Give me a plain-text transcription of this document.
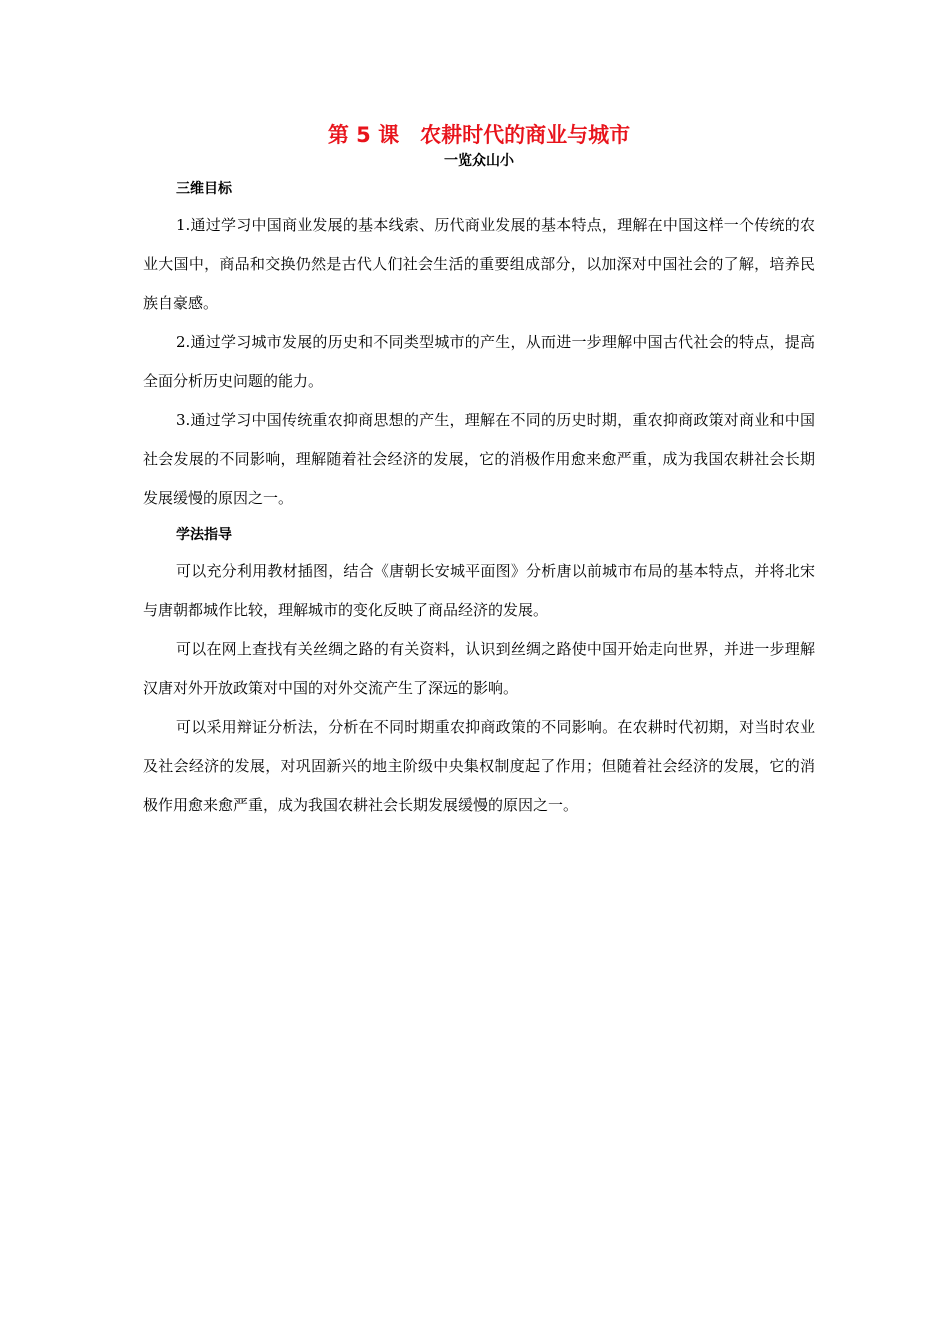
第 5 课　农耕时代的商业与城市
一览众山小
三维目标

1.通过学习中国商业发展的基本线索、历代商业发展的基本特点，理解在中国这样一个传统的农业大国中，商品和交换仍然是古代人们社会生活的重要组成部分，以加深对中国社会的了解，培养民族自豪感。

2.通过学习城市发展的历史和不同类型城市的产生，从而进一步理解中国古代社会的特点，提高全面分析历史问题的能力。

3.通过学习中国传统重农抑商思想的产生，理解在不同的历史时期，重农抑商政策对商业和中国社会发展的不同影响，理解随着社会经济的发展，它的消极作用愈来愈严重，成为我国农耕社会长期发展缓慢的原因之一。

学法指导

可以充分利用教材插图，结合《唐朝长安城平面图》分析唐以前城市布局的基本特点，并将北宋与唐朝都城作比较，理解城市的变化反映了商品经济的发展。

可以在网上查找有关丝绸之路的有关资料，认识到丝绸之路使中国开始走向世界，并进一步理解汉唐对外开放政策对中国的对外交流产生了深远的影响。

可以采用辩证分析法，分析在不同时期重农抑商政策的不同影响。在农耕时代初期，对当时农业及社会经济的发展，对巩固新兴的地主阶级中央集权制度起了作用；但随着社会经济的发展，它的消极作用愈来愈严重，成为我国农耕社会长期发展缓慢的原因之一。
